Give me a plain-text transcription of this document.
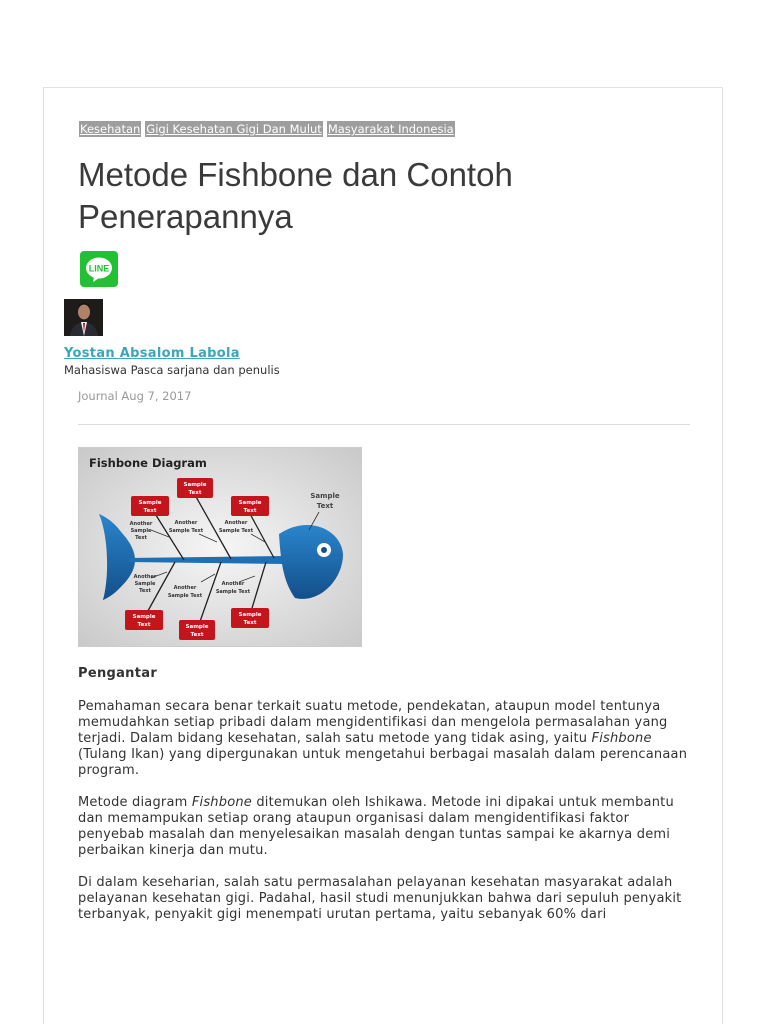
Kesehatan Gigi Kesehatan Gigi Dan Mulut Masyarakat Indonesia
Metode Fishbone dan Contoh Penerapannya
LINE
Yostan Absalom Labola
Mahasiswa Pasca sarjana dan penulis
Journal Aug 7, 2017
Fishbone Diagram
Sample
Text
Sample
Text
Sample
Text
Sample
Text	Sample
Text
Sample
Text
Another
Sample
Text
Another
Sample Text
Another
Sample Text
Another
Sample
Text	Another
Sample Text
Another
Sample Text
Sample
Text
Pengantar

Pemahaman secara benar terkait suatu metode, pendekatan, ataupun model tentunya memudahkan setiap pribadi dalam mengidentifikasi dan mengelola permasalahan yang terjadi. Dalam bidang kesehatan, salah satu metode yang tidak asing, yaitu Fishbone (Tulang Ikan) yang dipergunakan untuk mengetahui berbagai masalah dalam perencanaan program.

Metode diagram Fishbone ditemukan oleh Ishikawa. Metode ini dipakai untuk membantu dan memampukan setiap orang ataupun organisasi dalam mengidentifikasi faktor penyebab masalah dan menyelesaikan masalah dengan tuntas sampai ke akarnya demi perbaikan kinerja dan mutu.

Di dalam keseharian, salah satu permasalahan pelayanan kesehatan masyarakat adalah pelayanan kesehatan gigi. Padahal, hasil studi menunjukkan bahwa dari sepuluh penyakit terbanyak, penyakit gigi menempati urutan pertama, yaitu sebanyak 60% dari
